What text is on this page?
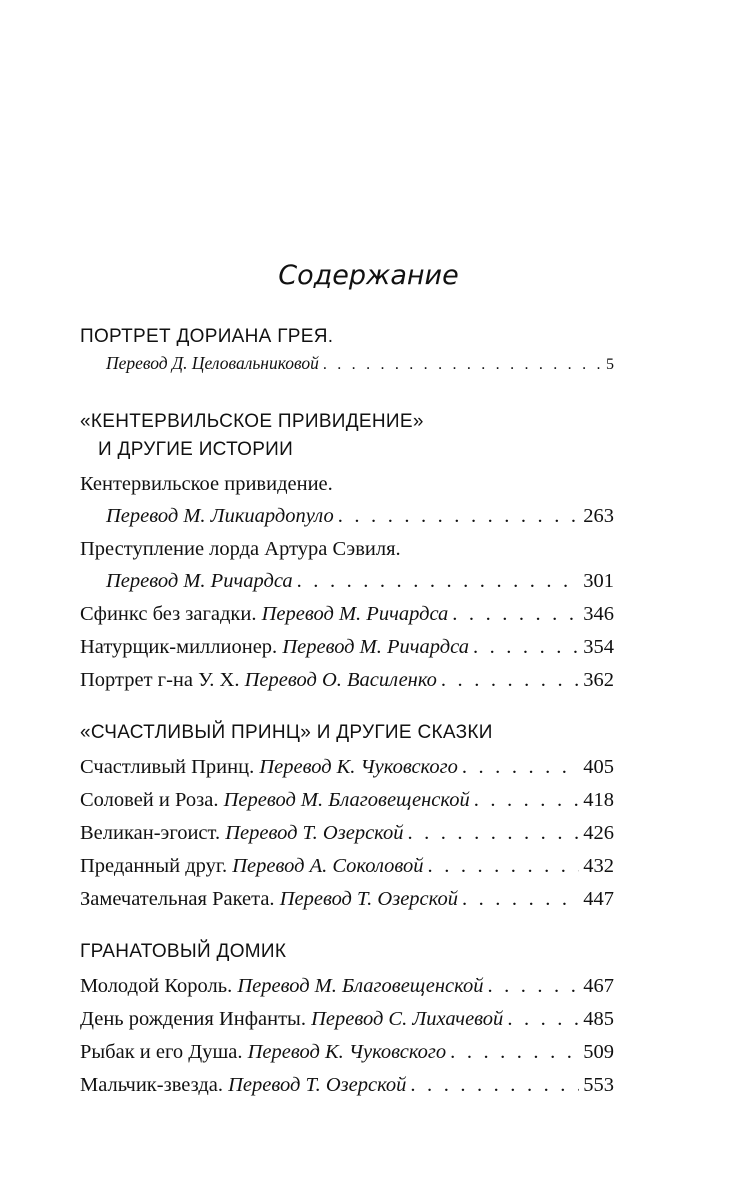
Содержание
ПОРТРЕТ ДОРИАНА ГРЕЯ.
Перевод Д. Целовальниковой . . .	5
«КЕНТЕРВИЛЬСКОЕ ПРИВИДЕНИЕ»
И ДРУГИЕ ИСТОРИИ
Кентервильское привидение.
Перевод М. Ликиардопуло . . .	263
Преступление лорда Артура Сэвиля.
Перевод М. Ричардса . . .	301
Сфинкс без загадки.
Перевод М. Ричардса . . .	346
Натурщик-миллионер.
Перевод М. Ричардса . . .	354
Портрет г-на У. Х.
Перевод О. Василенко . . .	362
«СЧАСТЛИВЫЙ ПРИНЦ» И ДРУГИЕ СКАЗКИ
Счастливый Принц.
Перевод К. Чуковского . . .	405
Соловей и Роза.
Перевод М. Благовещенской . . .	418
Великан-эгоист.
Перевод Т. Озерской . . .	426
Преданный друг.
Перевод А. Соколовой . . .	432
Замечательная Ракета.
Перевод Т. Озерской . . .	447
ГРАНАТОВЫЙ ДОМИК
Молодой Король.
Перевод М. Благовещенской . . .	467
День рождения Инфанты.
Перевод С. Лихачевой . . .	485
Рыбак и его Душа.
Перевод К. Чуковского . . .	509
Мальчик-звезда.
Перевод Т. Озерской . . .	553
